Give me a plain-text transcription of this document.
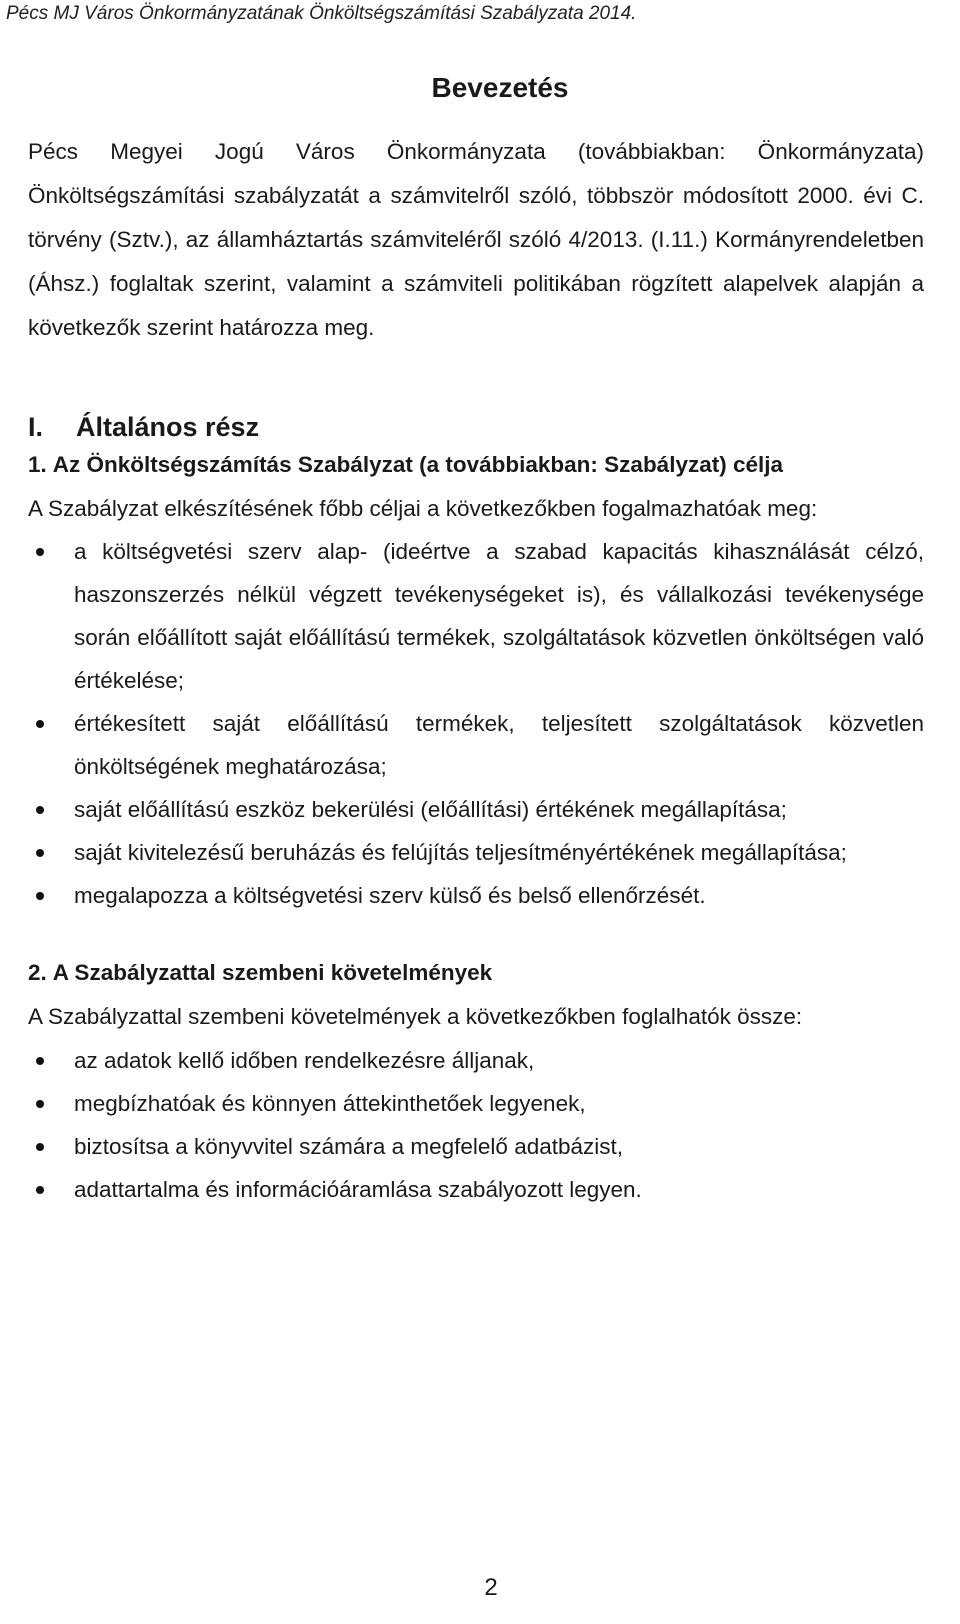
Pécs MJ Város Önkormányzatának Önköltségszámítási Szabályzata 2014.
Bevezetés
Pécs Megyei Jogú Város Önkormányzata (továbbiakban: Önkormányzata) Önköltségszámítási szabályzatát a számvitelről szóló, többször módosított 2000. évi C. törvény (Sztv.), az államháztartás számviteléről szóló 4/2013. (I.11.) Kormányrendeletben (Áhsz.) foglaltak szerint, valamint a számviteli politikában rögzített alapelvek alapján a következők szerint határozza meg.
I. Általános rész
1. Az Önköltségszámítás Szabályzat (a továbbiakban: Szabályzat) célja
A Szabályzat elkészítésének főbb céljai a következőkben fogalmazhatóak meg:
a költségvetési szerv alap- (ideértve a szabad kapacitás kihasználását célzó, haszonszerzés nélkül végzett tevékenységeket is), és vállalkozási tevékenysége során előállított saját előállítású termékek, szolgáltatások közvetlen önköltségen való értékelése;
értékesített saját előállítású termékek, teljesített szolgáltatások közvetlen önköltségének meghatározása;
saját előállítású eszköz bekerülési (előállítási) értékének megállapítása;
saját kivitelezésű beruházás és felújítás teljesítményértékének megállapítása;
megalapozza a költségvetési szerv külső és belső ellenőrzését.
2. A Szabályzattal szembeni követelmények
A Szabályzattal szembeni követelmények a következőkben foglalhatók össze:
az adatok kellő időben rendelkezésre álljanak,
megbízhatóak és könnyen áttekinthetőek legyenek,
biztosítsa a könyvvitel számára a megfelelő adatbázist,
adattartalma és információáramlása szabályozott legyen.
2
